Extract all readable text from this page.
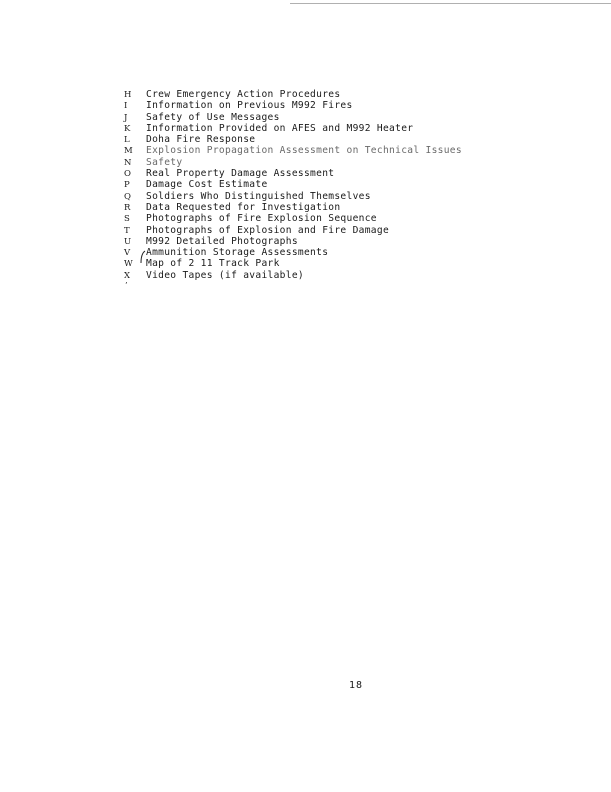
H	Crew Emergency Action Procedures
I	Information on Previous M992 Fires
J	Safety of Use Messages
K	Information Provided on AFES and M992 Heater
L	Doha Fire Response
M	Explosion Propagation Assessment on Technical Issues
N	Safety
O	Real Property Damage Assessment
P	Damage Cost Estimate
Q	Soldiers Who Distinguished Themselves
R	Data Requested for Investigation
S	Photographs of Fire Explosion Sequence
T	Photographs of Explosion and Fire Damage
U	M992 Detailed Photographs
V	Ammunition Storage Assessments
W	Map of 2 11 Track Park
X	Video Tapes (if available)
’
18
